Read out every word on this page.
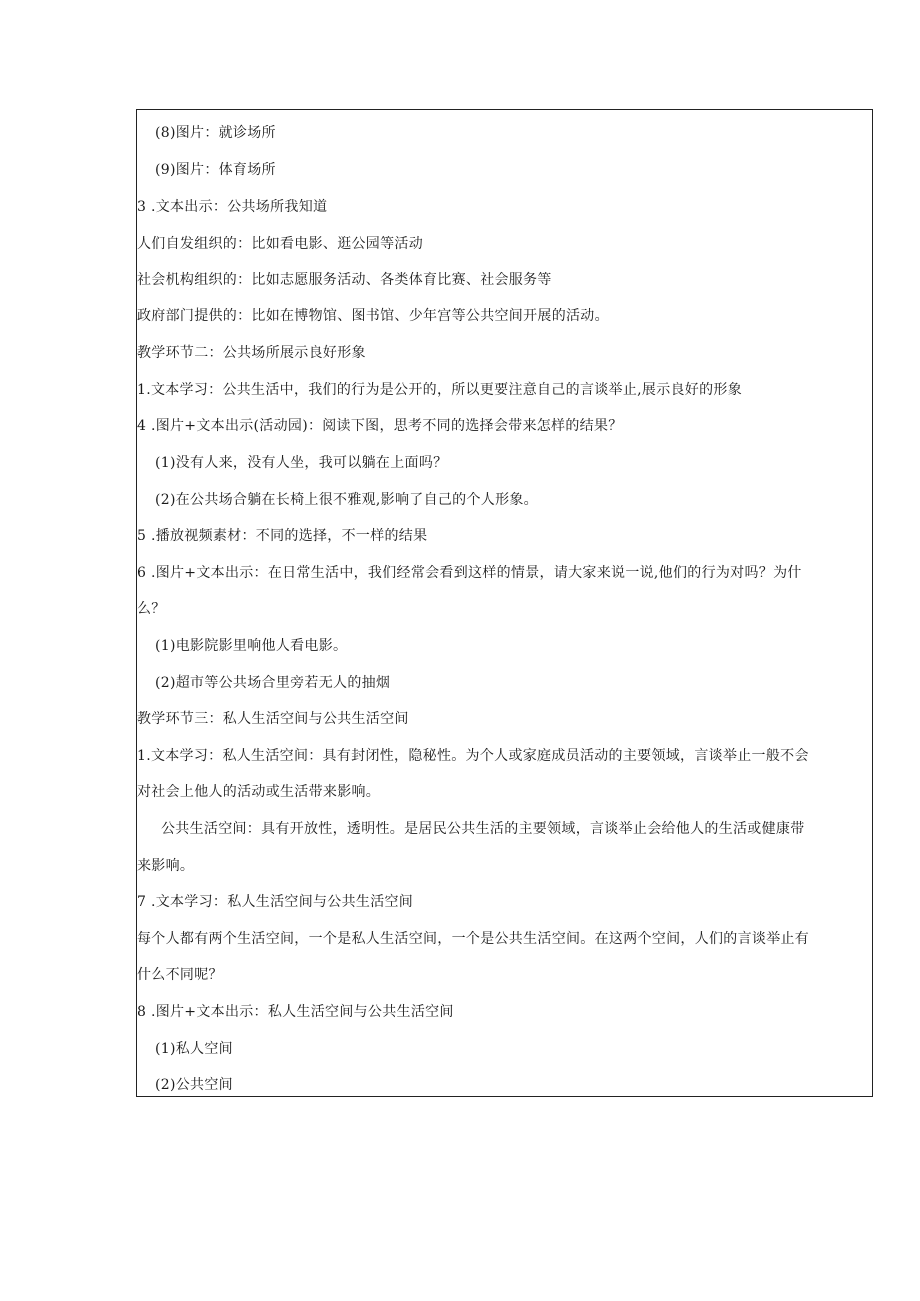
(8)图片：就诊场所
(9)图片：体育场所
3 .文本出示：公共场所我知道
人们自发组织的：比如看电影、逛公园等活动
社会机构组织的：比如志愿服务活动、各类体育比赛、社会服务等
政府部门提供的：比如在博物馆、图书馆、少年宫等公共空间开展的活动。
教学环节二：公共场所展示良好形象
1.文本学习：公共生活中，我们的行为是公开的，所以更要注意自己的言谈举止,展示良好的形象
4 .图片+文本出示(活动园)：阅读下图，思考不同的选择会带来怎样的结果？
(1)没有人来，没有人坐，我可以躺在上面吗？
(2)在公共场合躺在长椅上很不雅观,影响了自己的个人形象。
5 .播放视频素材：不同的选择，不一样的结果
6 .图片+文本出示：在日常生活中，我们经常会看到这样的情景，请大家来说一说,他们的行为对吗？为什
么？
(1)电影院影里响他人看电影。
(2)超市等公共场合里旁若无人的抽烟
教学环节三：私人生活空间与公共生活空间
1.文本学习：私人生活空间：具有封闭性，隐秘性。为个人或家庭成员活动的主要领域，言谈举止一般不会
对社会上他人的活动或生活带来影响。
公共生活空间：具有开放性，透明性。是居民公共生活的主要领域，言谈举止会给他人的生活或健康带
来影响。
7 .文本学习：私人生活空间与公共生活空间
每个人都有两个生活空间，一个是私人生活空间，一个是公共生活空间。在这两个空间，人们的言谈举止有
什么不同呢？
8 .图片+文本出示：私人生活空间与公共生活空间
(1)私人空间
(2)公共空间
